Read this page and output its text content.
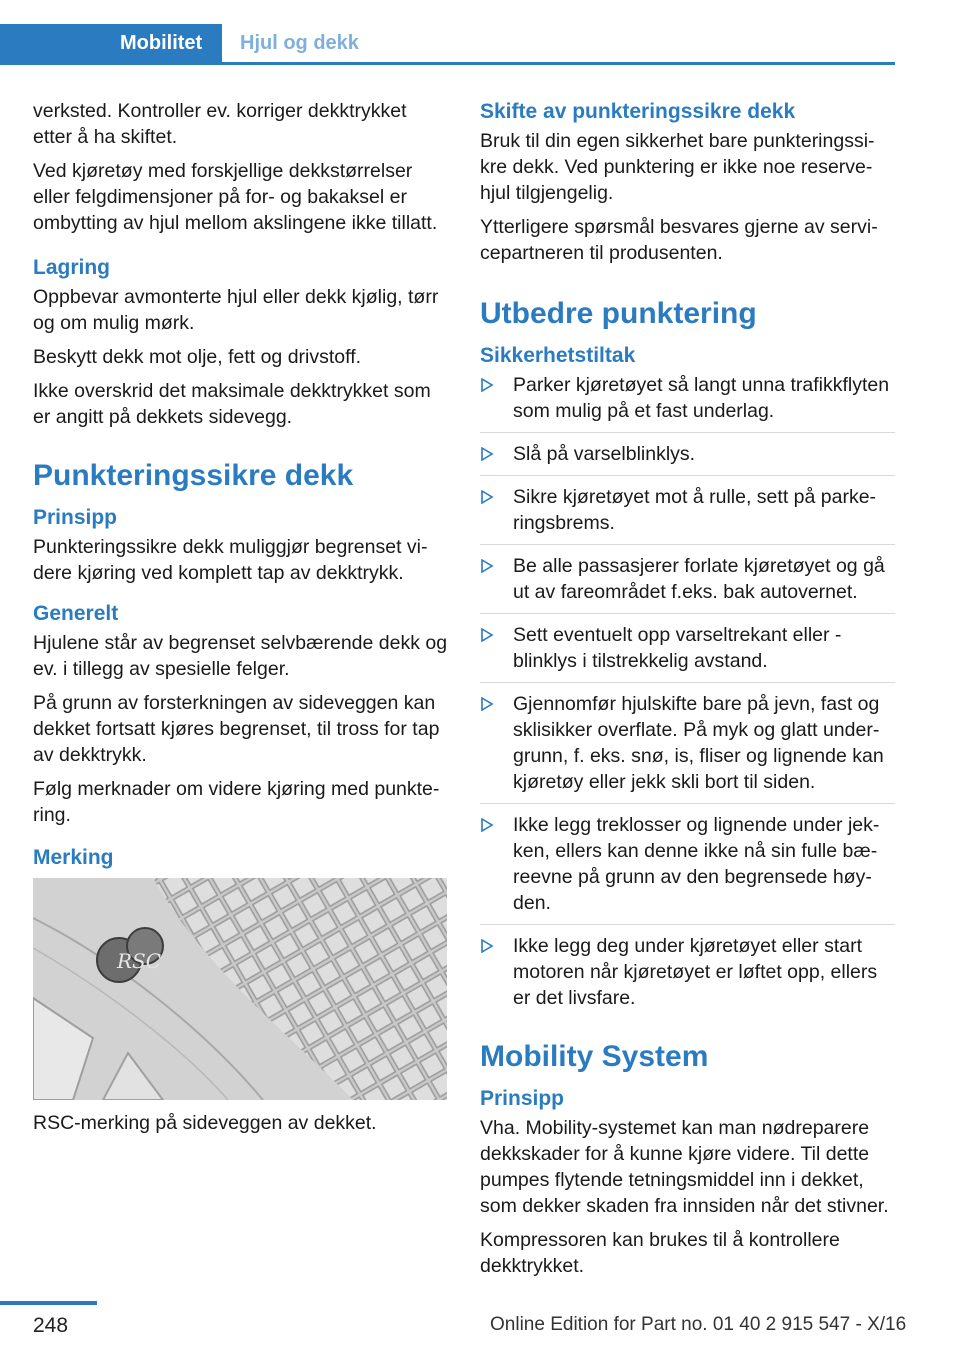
Mobilitet	Hjul og dekk

verksted. Kontroller ev. korriger dekktrykket etter å ha skiftet.

Ved kjøretøy med forskjellige dekkstørrelser eller felgdimensjoner på for- og bakaksel er ombytting av hjul mellom akslingene ikke tillatt.

Lagring

Oppbevar avmonterte hjul eller dekk kjølig, tørr og om mulig mørk.

Beskytt dekk mot olje, fett og drivstoff.

Ikke overskrid det maksimale dekktrykket som er angitt på dekkets sidevegg.

Punkteringssikre dekk
Prinsipp

Punkteringssikre dekk muliggjør begrenset videre kjøring ved komplett tap av dekktrykk.

Generelt

Hjulene står av begrenset selvbærende dekk og ev. i tillegg av spesielle felger.

På grunn av forsterkningen av sideveggen kan dekket fortsatt kjøres begrenset, til tross for tap av dekktrykk.

Følg merknader om videre kjøring med punktering.

Merking
RSC

RSC-merking på sideveggen av dekket.

Skifte av punkteringssikre dekk

Bruk til din egen sikkerhet bare punkteringssikre dekk. Ved punktering er ikke noe reservehjul tilgjengelig.

Ytterligere spørsmål besvares gjerne av servicepartneren til produsenten.

Utbedre punktering
Sikkerhetstiltak
Parker kjøretøyet så langt unna trafikkflyten som mulig på et fast underlag.
Slå på varselblinklys.
Sikre kjøretøyet mot å rulle, sett på parkeringsbrems.
Be alle passasjerer forlate kjøretøyet og gå ut av fareområdet f.eks. bak autovernet.
Sett eventuelt opp varseltrekant eller -blinklys i tilstrekkelig avstand.
Gjennomfør hjulskifte bare på jevn, fast og sklisikker overflate. På myk og glatt undergrunn, f. eks. snø, is, fliser og lignende kan kjøretøy eller jekk skli bort til siden.
Ikke legg treklosser og lignende under jekken, ellers kan denne ikke nå sin fulle bæreevne på grunn av den begrensede høyden.
Ikke legg deg under kjøretøyet eller start motoren når kjøretøyet er løftet opp, ellers er det livsfare.
Mobility System
Prinsipp

Vha. Mobility-systemet kan man nødreparere dekkskader for å kunne kjøre videre. Til dette pumpes flytende tetningsmiddel inn i dekket, som dekker skaden fra innsiden når det stivner.

Kompressoren kan brukes til å kontrollere dekktrykket.

248	Online Edition for Part no. 01 40 2 915 547 - X/16
